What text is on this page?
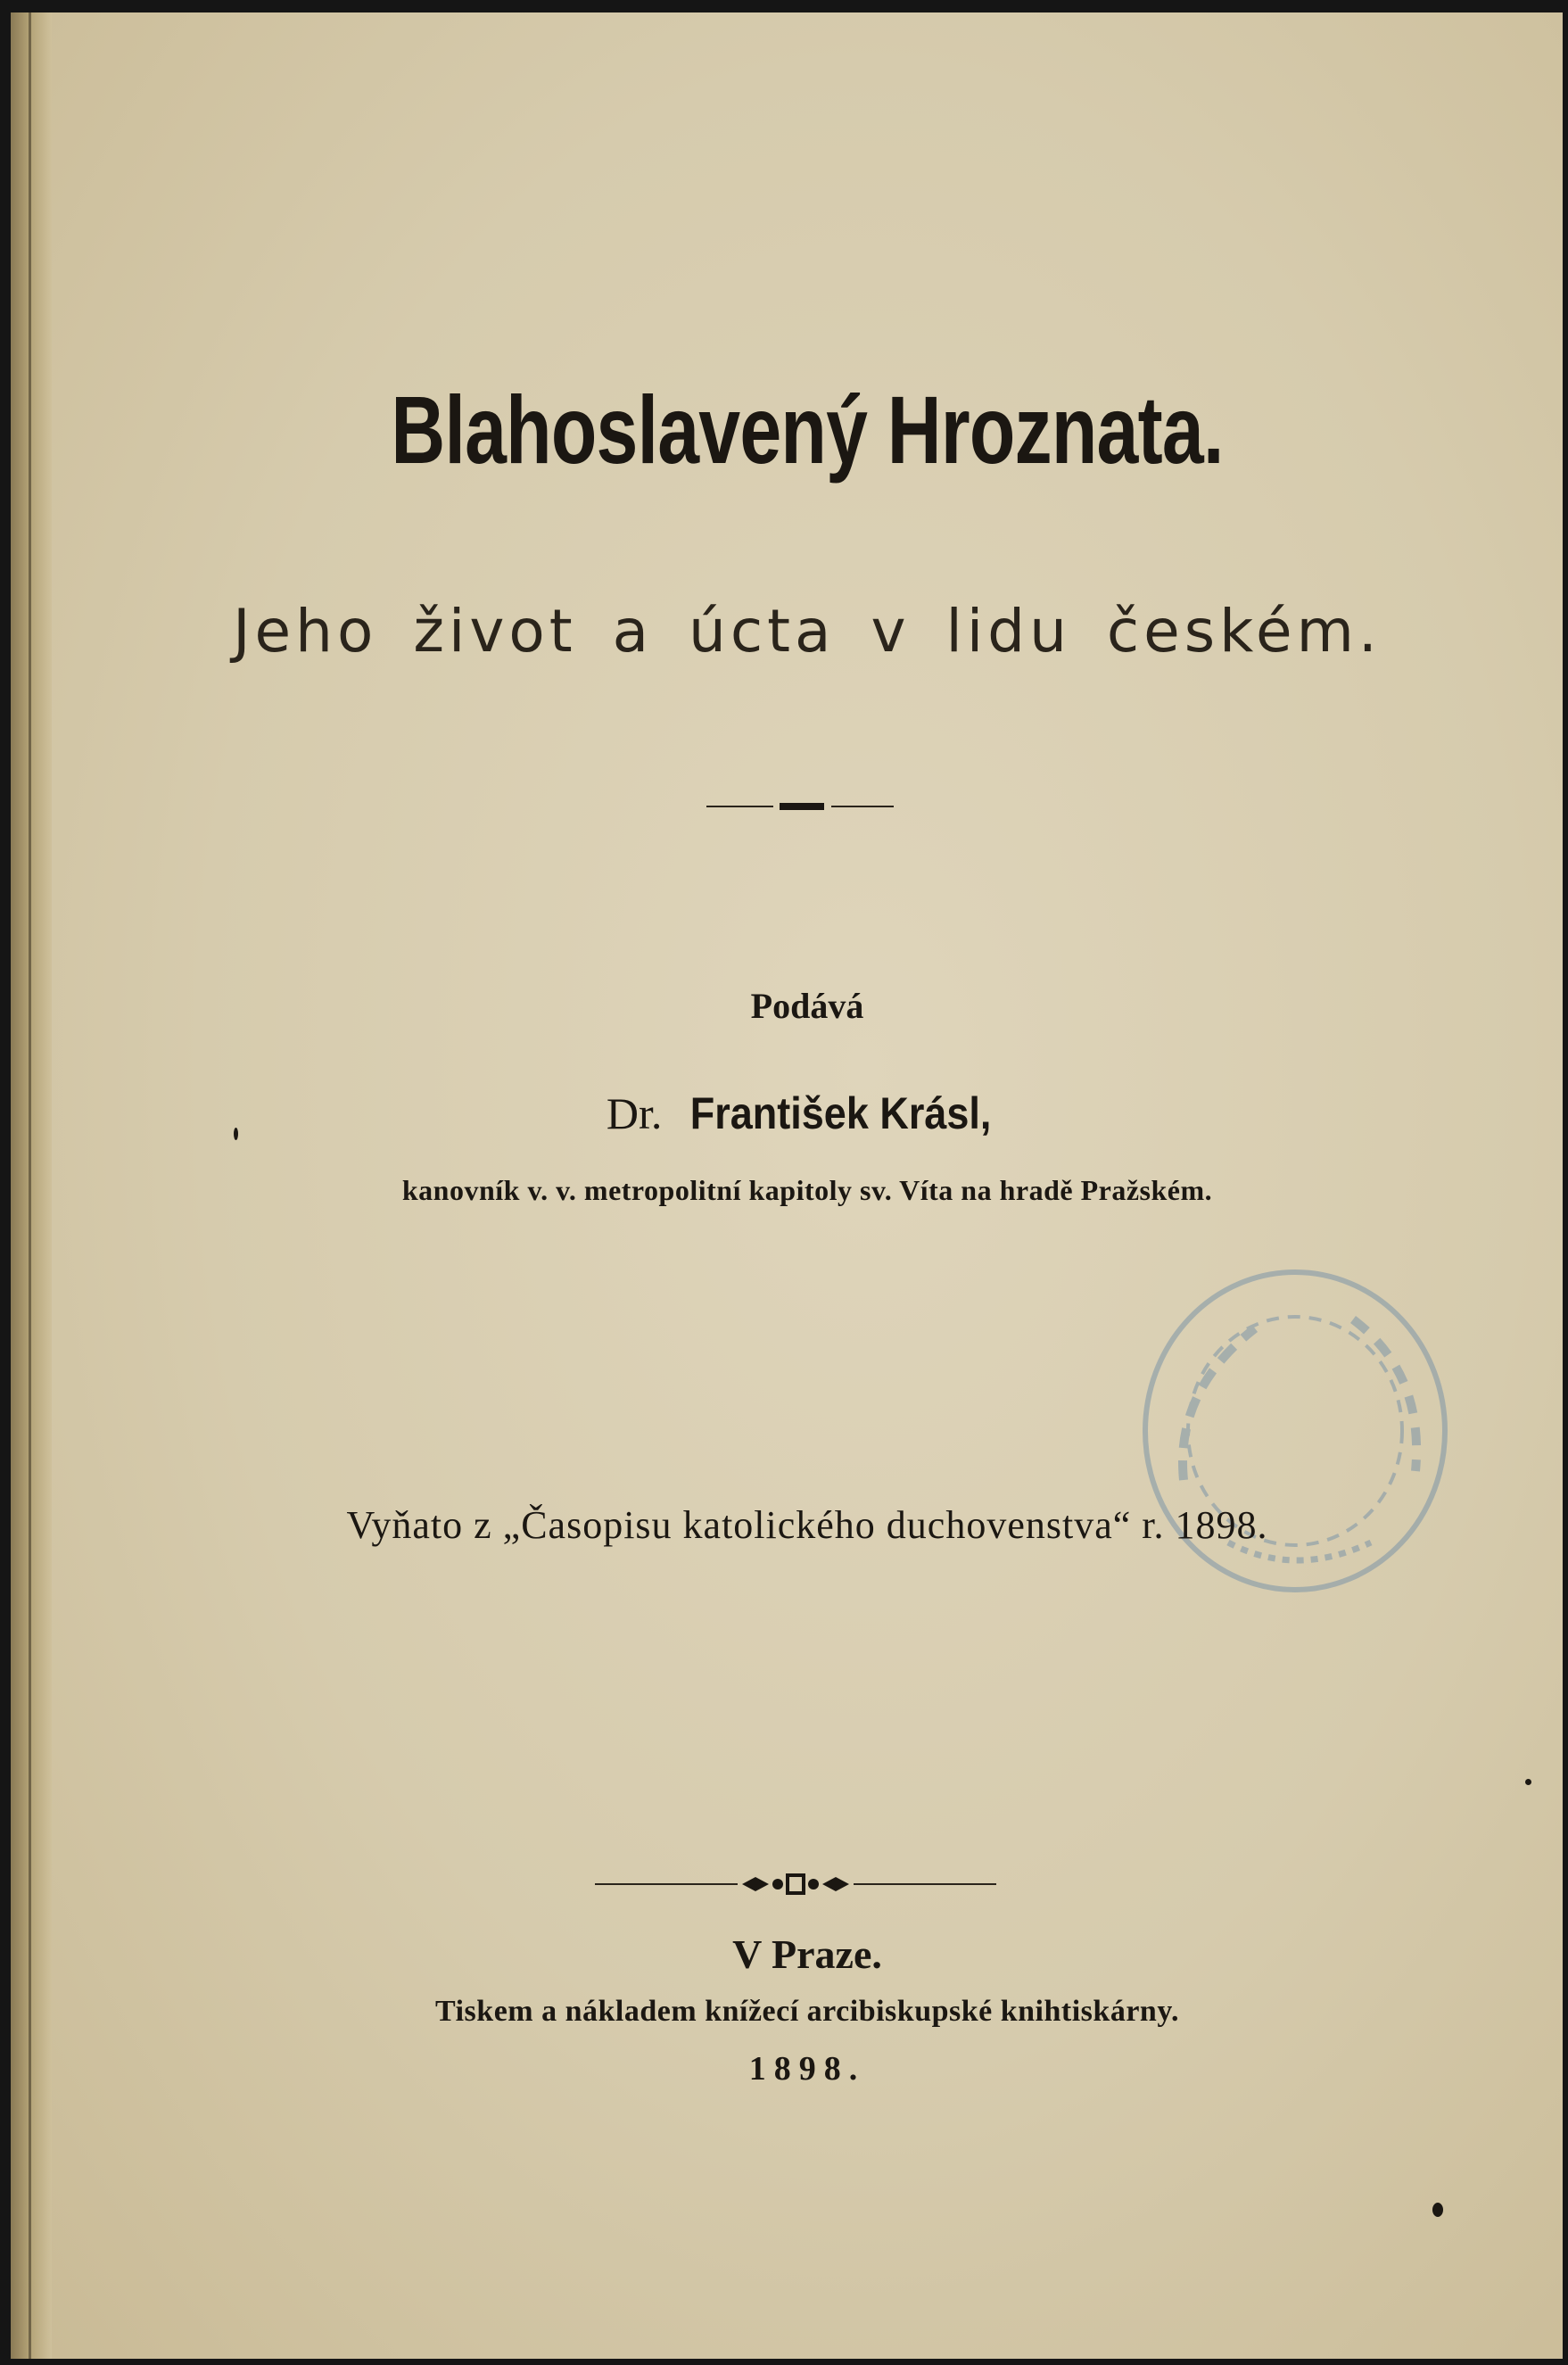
Blahoslavený Hroznata.
Jeho život a úcta v lidu českém.
Podává
Dr. František Krásl,
kanovník v. v. metropolitní kapitoly sv. Víta na hradě Pražském.
Vyňato z „Časopisu katolického duchovenstva“ r. 1898.
V Praze.
Tiskem a nákladem knížecí arcibiskupské knihtiskárny.
1898.
